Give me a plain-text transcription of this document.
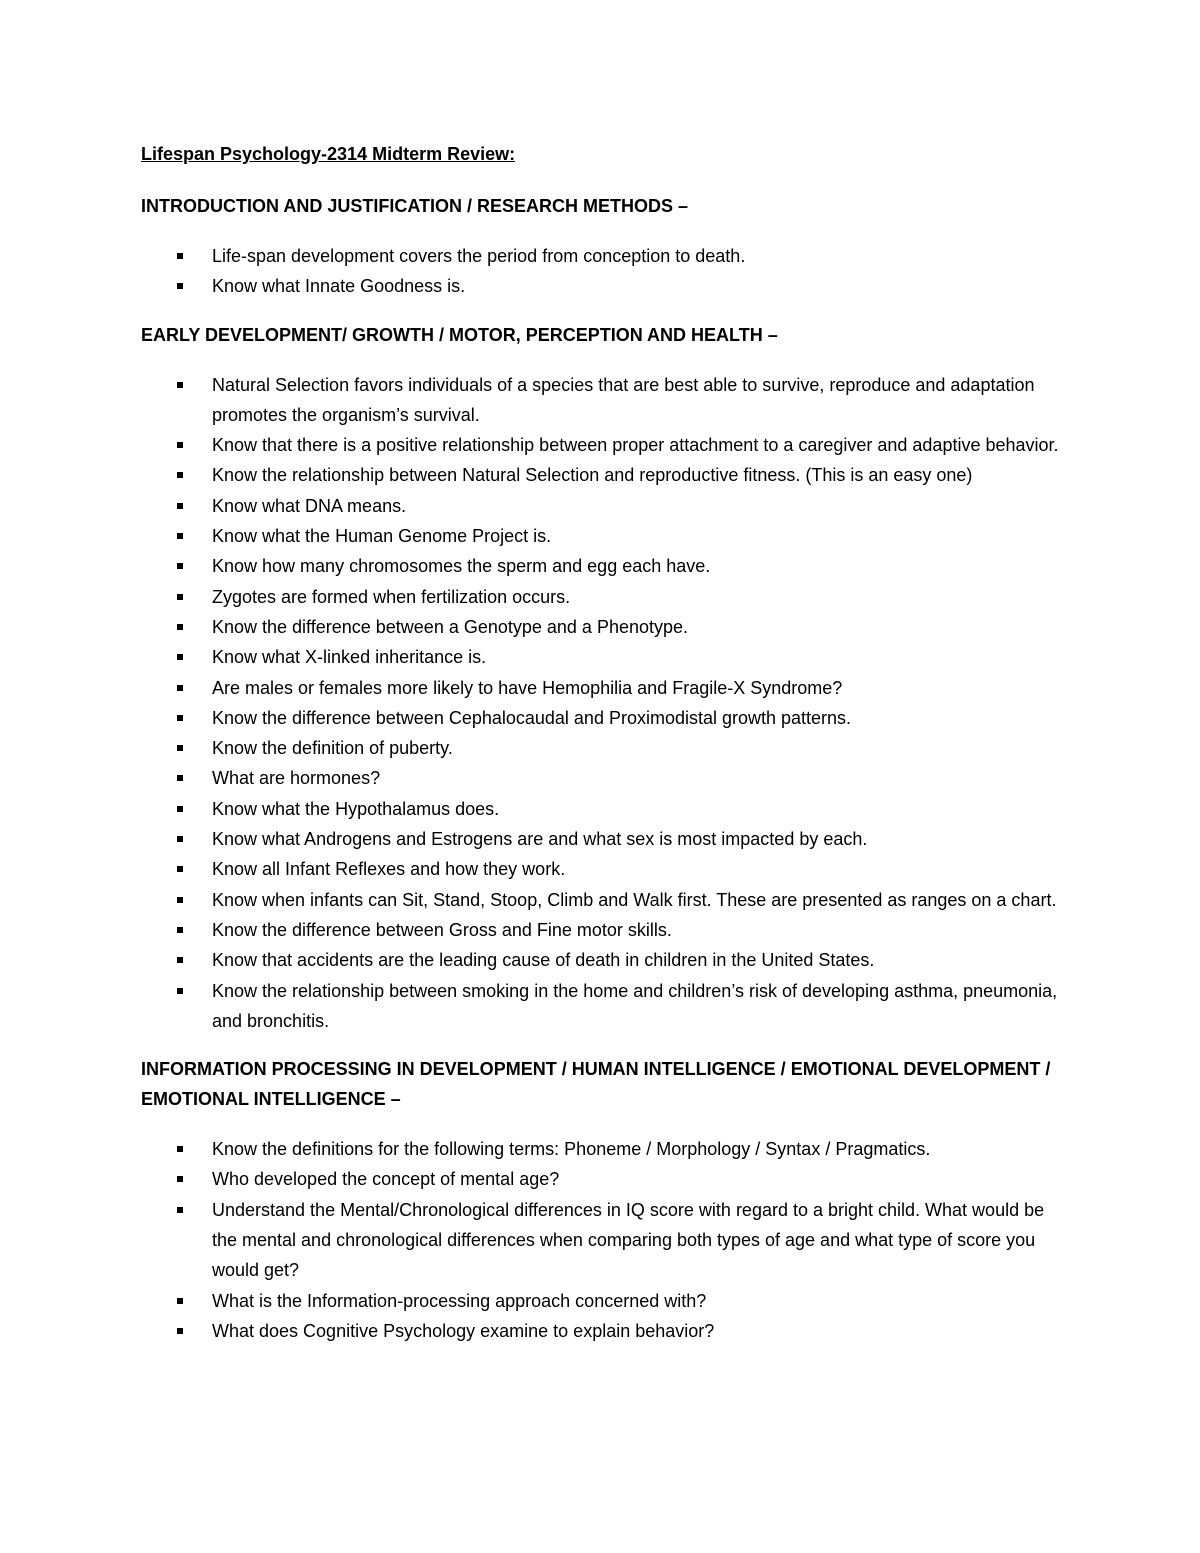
Lifespan Psychology-2314 Midterm Review:
INTRODUCTION AND JUSTIFICATION / RESEARCH METHODS –
Life-span development covers the period from conception to death.
Know what Innate Goodness is.
EARLY DEVELOPMENT/ GROWTH / MOTOR, PERCEPTION AND HEALTH –
Natural Selection favors individuals of a species that are best able to survive, reproduce and adaptation promotes the organism’s survival.
Know that there is a positive relationship between proper attachment to a caregiver and adaptive behavior.
Know the relationship between Natural Selection and reproductive fitness. (This is an easy one)
Know what DNA means.
Know what the Human Genome Project is.
Know how many chromosomes the sperm and egg each have.
Zygotes are formed when fertilization occurs.
Know the difference between a Genotype and a Phenotype.
Know what X-linked inheritance is.
Are males or females more likely to have Hemophilia and Fragile-X Syndrome?
Know the difference between Cephalocaudal and Proximodistal growth patterns.
Know the definition of puberty.
What are hormones?
Know what the Hypothalamus does.
Know what Androgens and Estrogens are and what sex is most impacted by each.
Know all Infant Reflexes and how they work.
Know when infants can Sit, Stand, Stoop, Climb and Walk first. These are presented as ranges on a chart.
Know the difference between Gross and Fine motor skills.
Know that accidents are the leading cause of death in children in the United States.
Know the relationship between smoking in the home and children’s risk of developing asthma, pneumonia, and bronchitis.
INFORMATION PROCESSING IN DEVELOPMENT / HUMAN INTELLIGENCE / EMOTIONAL DEVELOPMENT / EMOTIONAL INTELLIGENCE –
Know the definitions for the following terms: Phoneme / Morphology / Syntax / Pragmatics.
Who developed the concept of mental age?
Understand the Mental/Chronological differences in IQ score with regard to a bright child. What would be the mental and chronological differences when comparing both types of age and what type of score you would get?
What is the Information-processing approach concerned with?
What does Cognitive Psychology examine to explain behavior?
